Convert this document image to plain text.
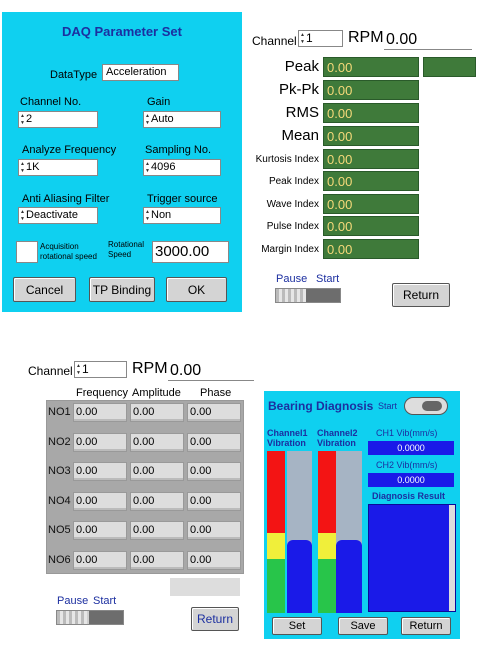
DAQ Parameter Set
DataType Acceleration
Channel No.
▲
▼ 2
Gain
▲
▼ Auto
Analyze Frequency
▲
▼ 1K
Sampling No.
▲
▼ 4096
Anti Aliasing Filter
▲
▼ Deactivate
Trigger source
▲
▼ Non
Acquisition rotational speed
Rotational Speed	3000.00
Cancel	TP Binding	OK
Channel ▲
▼ 1	RPM 0.00
Peak 0.00
Pk-Pk 0.00
RMS 0.00
Mean 0.00
Kurtosis Index 0.00
Peak Index 0.00
Wave Index 0.00
Pulse Index 0.00
Margin Index 0.00
Pause Start
Return
Channel ▲
▼ 1	RPM 0.00
Frequency Amplitude Phase
NO1 0.00	0.00	0.00
NO2 0.00	0.00	0.00
NO3 0.00	0.00	0.00
NO4 0.00	0.00	0.00
NO5 0.00	0.00	0.00
NO6 0.00	0.00	0.00
Pause Start
Return
Bearing Diagnosis Start
Channel1 Vibration
Channel2 Vibration
CH1 Vib(mm/s)
0.0000
CH2 Vib(mm/s)
0.0000
Diagnosis Result
Set	Save	Return
